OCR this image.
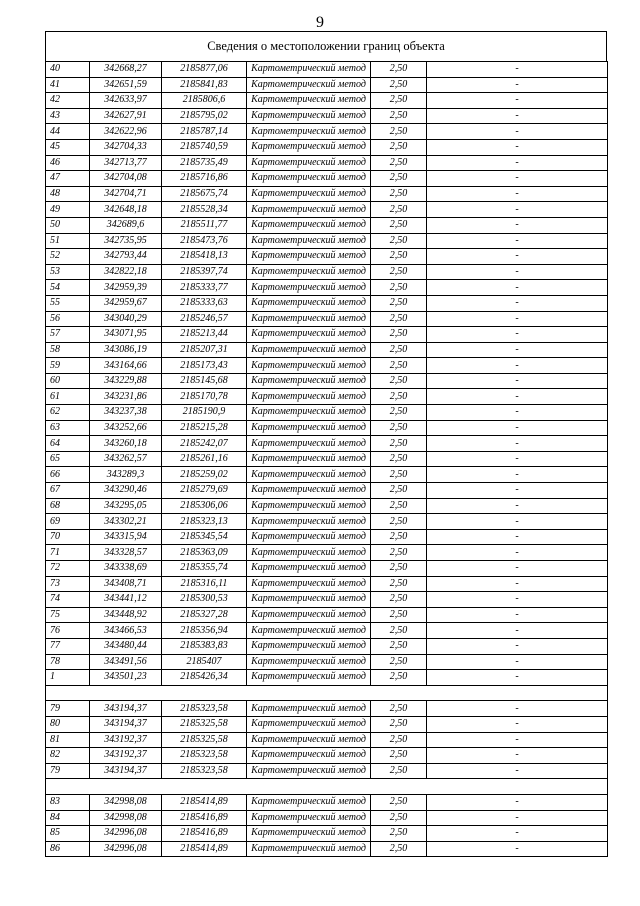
9
Сведения о местоположении границ объекта
40	342668,27	2185877,06	Картометрический метод	2,50	-
41	342651,59	2185841,83	Картометрический метод	2,50	-
42	342633,97	2185806,6	Картометрический метод	2,50	-
43	342627,91	2185795,02	Картометрический метод	2,50	-
44	342622,96	2185787,14	Картометрический метод	2,50	-
45	342704,33	2185740,59	Картометрический метод	2,50	-
46	342713,77	2185735,49	Картометрический метод	2,50	-
47	342704,08	2185716,86	Картометрический метод	2,50	-
48	342704,71	2185675,74	Картометрический метод	2,50	-
49	342648,18	2185528,34	Картометрический метод	2,50	-
50	342689,6	2185511,77	Картометрический метод	2,50	-
51	342735,95	2185473,76	Картометрический метод	2,50	-
52	342793,44	2185418,13	Картометрический метод	2,50	-
53	342822,18	2185397,74	Картометрический метод	2,50	-
54	342959,39	2185333,77	Картометрический метод	2,50	-
55	342959,67	2185333,63	Картометрический метод	2,50	-
56	343040,29	2185246,57	Картометрический метод	2,50	-
57	343071,95	2185213,44	Картометрический метод	2,50	-
58	343086,19	2185207,31	Картометрический метод	2,50	-
59	343164,66	2185173,43	Картометрический метод	2,50	-
60	343229,88	2185145,68	Картометрический метод	2,50	-
61	343231,86	2185170,78	Картометрический метод	2,50	-
62	343237,38	2185190,9	Картометрический метод	2,50	-
63	343252,66	2185215,28	Картометрический метод	2,50	-
64	343260,18	2185242,07	Картометрический метод	2,50	-
65	343262,57	2185261,16	Картометрический метод	2,50	-
66	343289,3	2185259,02	Картометрический метод	2,50	-
67	343290,46	2185279,69	Картометрический метод	2,50	-
68	343295,05	2185306,06	Картометрический метод	2,50	-
69	343302,21	2185323,13	Картометрический метод	2,50	-
70	343315,94	2185345,54	Картометрический метод	2,50	-
71	343328,57	2185363,09	Картометрический метод	2,50	-
72	343338,69	2185355,74	Картометрический метод	2,50	-
73	343408,71	2185316,11	Картометрический метод	2,50	-
74	343441,12	2185300,53	Картометрический метод	2,50	-
75	343448,92	2185327,28	Картометрический метод	2,50	-
76	343466,53	2185356,94	Картометрический метод	2,50	-
77	343480,44	2185383,83	Картометрический метод	2,50	-
78	343491,56	2185407	Картометрический метод	2,50	-
1	343501,23	2185426,34	Картометрический метод	2,50	-

79	343194,37	2185323,58	Картометрический метод	2,50	-
80	343194,37	2185325,58	Картометрический метод	2,50	-
81	343192,37	2185325,58	Картометрический метод	2,50	-
82	343192,37	2185323,58	Картометрический метод	2,50	-
79	343194,37	2185323,58	Картометрический метод	2,50	-

83	342998,08	2185414,89	Картометрический метод	2,50	-
84	342998,08	2185416,89	Картометрический метод	2,50	-
85	342996,08	2185416,89	Картометрический метод	2,50	-
86	342996,08	2185414,89	Картометрический метод	2,50	-
